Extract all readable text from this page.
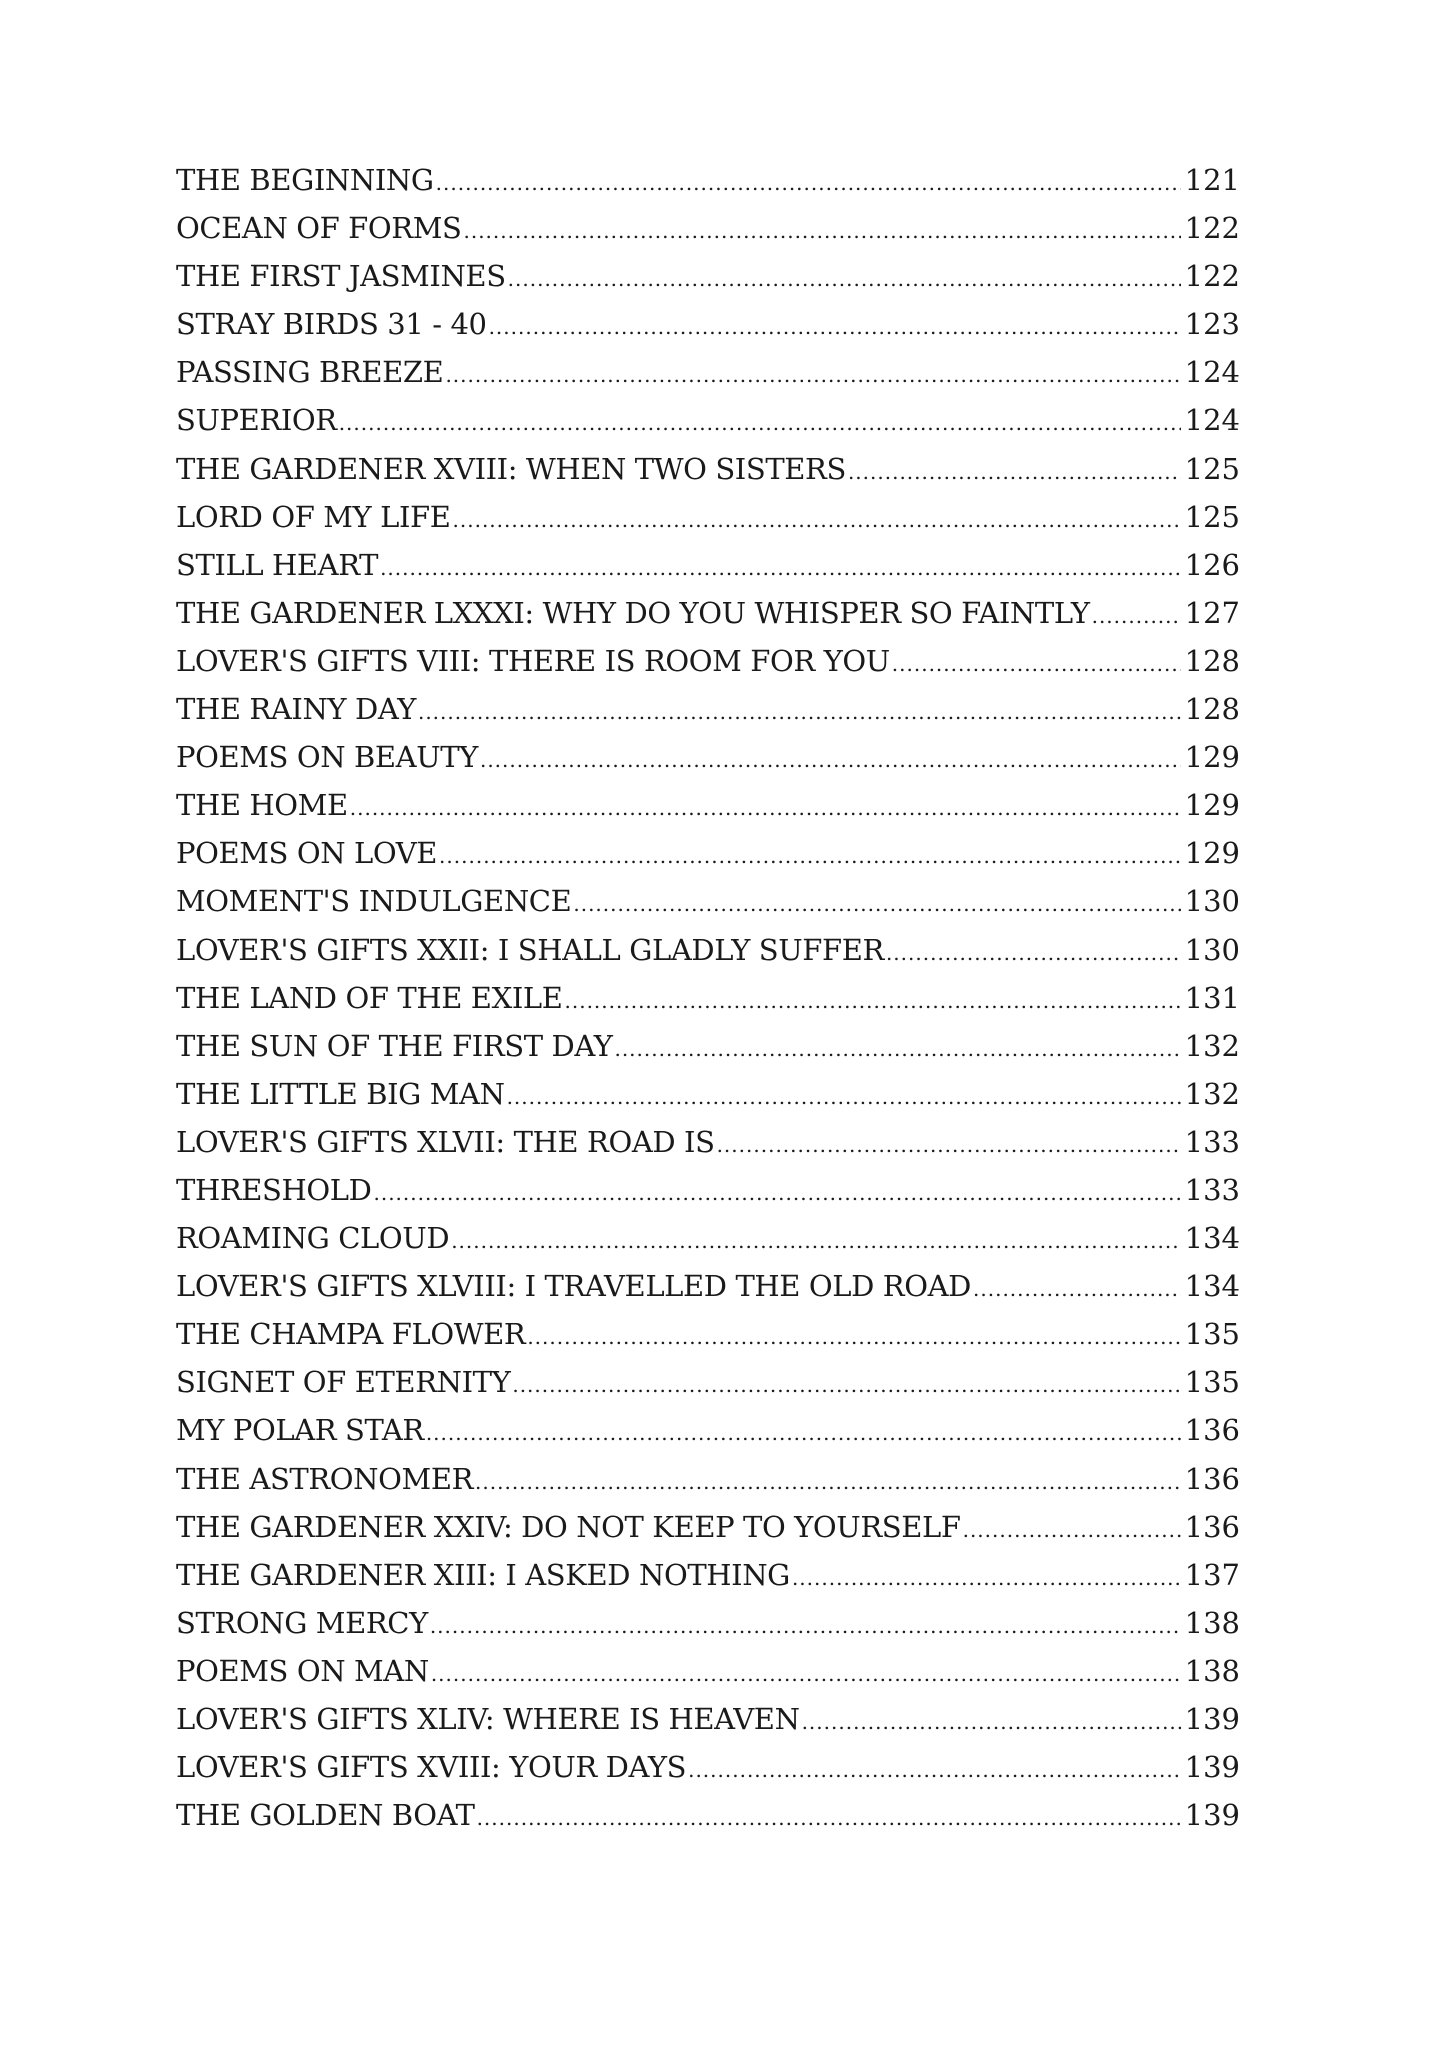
THE BEGINNING .....	121
OCEAN OF FORMS .....	122
THE FIRST JASMINES .....	122
STRAY BIRDS 31 - 40 .....	123
PASSING BREEZE .....	124
SUPERIOR .....	124
THE GARDENER XVIII: WHEN TWO SISTERS .....	125
LORD OF MY LIFE .....	125
STILL HEART .....	126
THE GARDENER LXXXI: WHY DO YOU WHISPER SO FAINTLY .....	127
LOVER'S GIFTS VIII: THERE IS ROOM FOR YOU .....	128
THE RAINY DAY .....	128
POEMS ON BEAUTY .....	129
THE HOME .....	129
POEMS ON LOVE .....	129
MOMENT'S INDULGENCE .....	130
LOVER'S GIFTS XXII: I SHALL GLADLY SUFFER .....	130
THE LAND OF THE EXILE .....	131
THE SUN OF THE FIRST DAY .....	132
THE LITTLE BIG MAN .....	132
LOVER'S GIFTS XLVII: THE ROAD IS .....	133
THRESHOLD .....	133
ROAMING CLOUD .....	134
LOVER'S GIFTS XLVIII: I TRAVELLED THE OLD ROAD .....	134
THE CHAMPA FLOWER .....	135
SIGNET OF ETERNITY .....	135
MY POLAR STAR .....	136
THE ASTRONOMER .....	136
THE GARDENER XXIV: DO NOT KEEP TO YOURSELF .....	136
THE GARDENER XIII: I ASKED NOTHING .....	137
STRONG MERCY .....	138
POEMS ON MAN .....	138
LOVER'S GIFTS XLIV: WHERE IS HEAVEN .....	139
LOVER'S GIFTS XVIII: YOUR DAYS .....	139
THE GOLDEN BOAT .....	139
